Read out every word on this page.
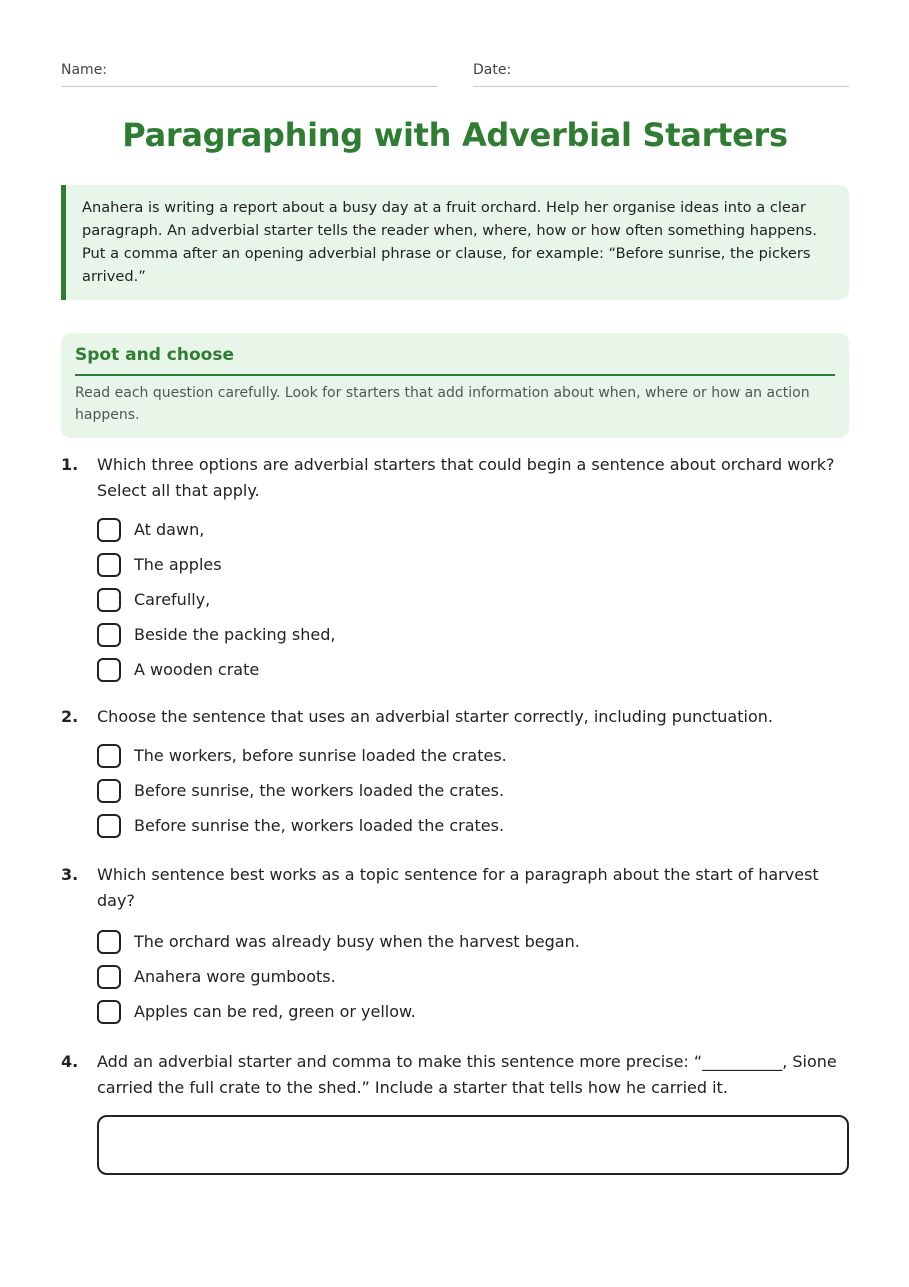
Name:	Date:
Paragraphing with Adverbial Starters
Anahera is writing a report about a busy day at a fruit orchard. Help her organise ideas into a clear paragraph. An adverbial starter tells the reader when, where, how or how often something happens. Put a comma after an opening adverbial phrase or clause, for example: “Before sunrise, the pickers arrived.”
Spot and choose
Read each question carefully. Look for starters that add information about when, where or how an action happens.
1.	Which three options are adverbial starters that could begin a sentence about orchard work? Select all that apply.
At dawn,
The apples
Carefully,
Beside the packing shed,
A wooden crate
2.	Choose the sentence that uses an adverbial starter correctly, including punctuation.
The workers, before sunrise loaded the crates.
Before sunrise, the workers loaded the crates.
Before sunrise the, workers loaded the crates.
3.	Which sentence best works as a topic sentence for a paragraph about the start of harvest day?
The orchard was already busy when the harvest began.
Anahera wore gumboots.
Apples can be red, green or yellow.
4.	Add an adverbial starter and comma to make this sentence more precise: “__________, Sione carried the full crate to the shed.” Include a starter that tells how he carried it.
